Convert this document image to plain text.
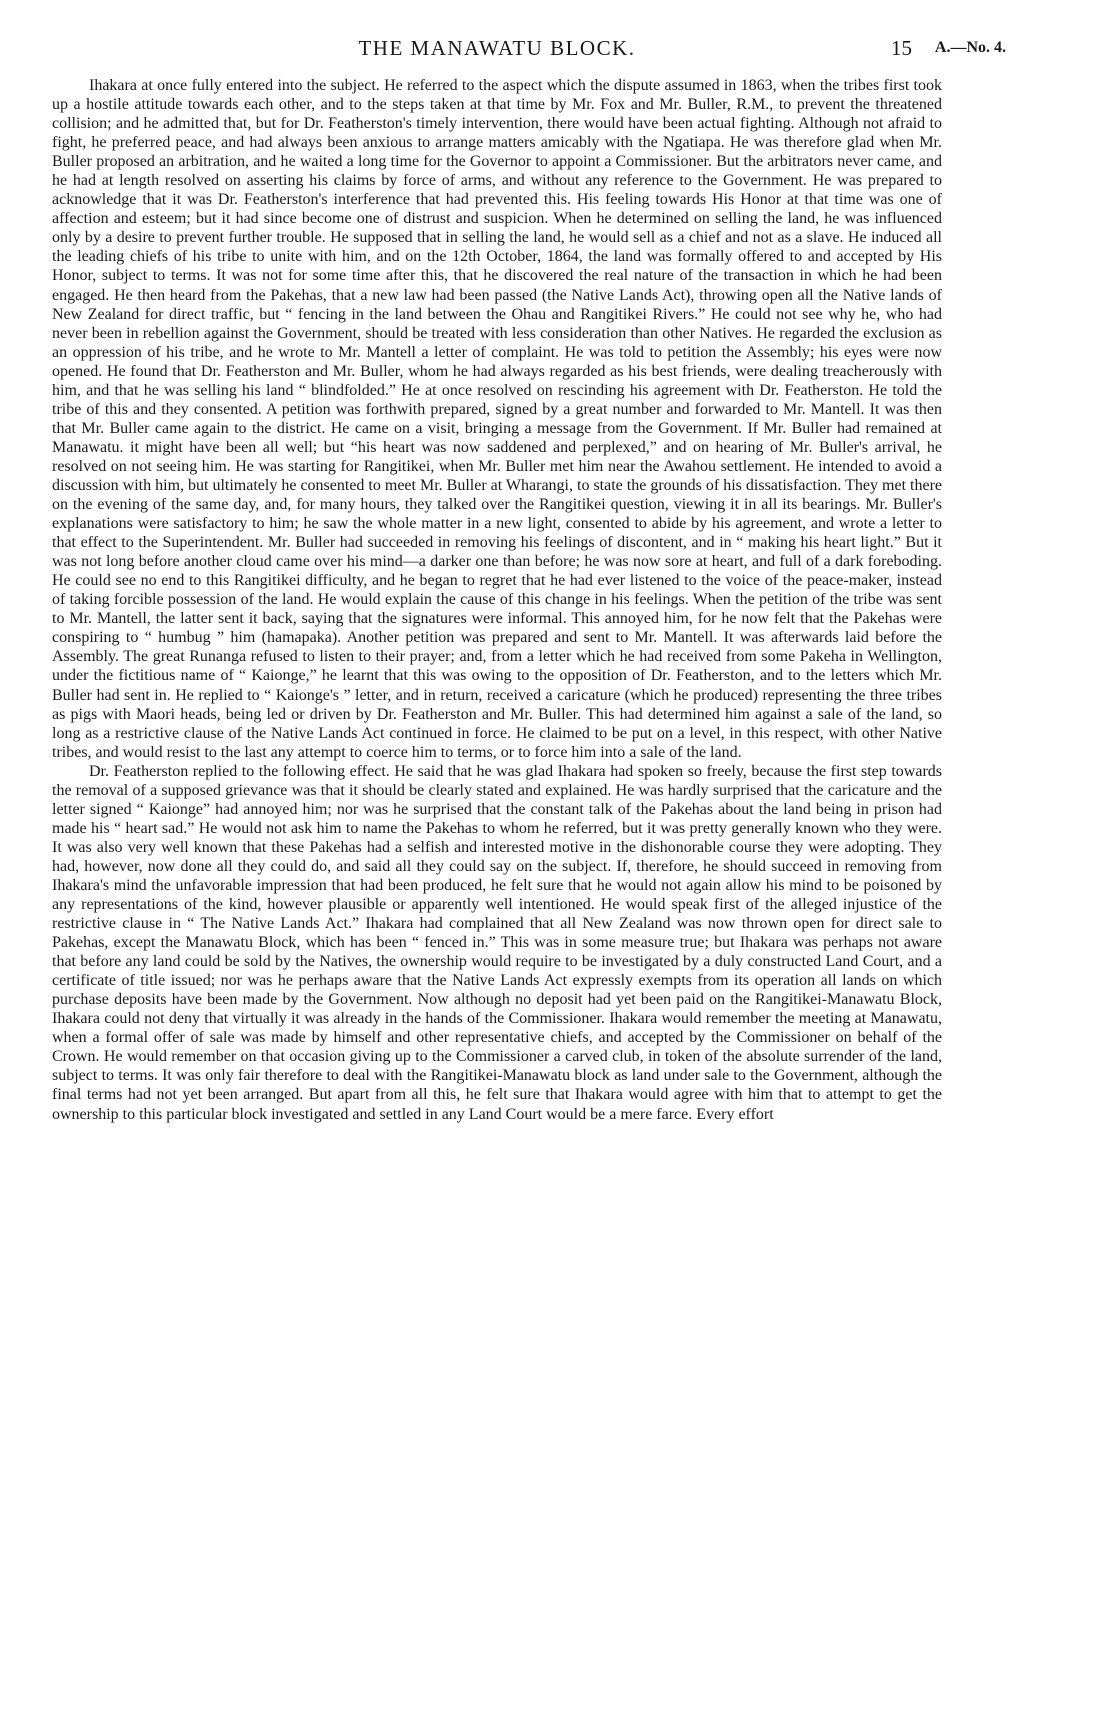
THE MANAWATU BLOCK.	15 A.—No. 4.

Ihakara at once fully entered into the subject. He referred to the aspect which the dispute assumed in 1863, when the tribes first took up a hostile attitude towards each other, and to the steps taken at that time by Mr. Fox and Mr. Buller, R.M., to prevent the threatened collision; and he admitted that, but for Dr. Featherston's timely intervention, there would have been actual fighting. Although not afraid to fight, he preferred peace, and had always been anxious to arrange matters amicably with the Ngatiapa. He was therefore glad when Mr. Buller proposed an arbitration, and he waited a long time for the Governor to appoint a Commissioner. But the arbitrators never came, and he had at length resolved on asserting his claims by force of arms, and without any reference to the Government. He was prepared to acknowledge that it was Dr. Featherston's interference that had prevented this. His feeling towards His Honor at that time was one of affection and esteem; but it had since become one of distrust and suspicion. When he determined on selling the land, he was influenced only by a desire to prevent further trouble. He supposed that in selling the land, he would sell as a chief and not as a slave. He induced all the leading chiefs of his tribe to unite with him, and on the 12th October, 1864, the land was formally offered to and accepted by His Honor, subject to terms. It was not for some time after this, that he discovered the real nature of the transaction in which he had been engaged. He then heard from the Pakehas, that a new law had been passed (the Native Lands Act), throwing open all the Native lands of New Zealand for direct traffic, but “ fencing in the land between the Ohau and Rangitikei Rivers.” He could not see why he, who had never been in rebellion against the Government, should be treated with less consideration than other Natives. He regarded the exclusion as an oppression of his tribe, and he wrote to Mr. Mantell a letter of complaint. He was told to petition the Assembly; his eyes were now opened. He found that Dr. Featherston and Mr. Buller, whom he had always regarded as his best friends, were dealing treacherously with him, and that he was selling his land “ blindfolded.” He at once resolved on rescinding his agreement with Dr. Featherston. He told the tribe of this and they consented. A petition was forthwith prepared, signed by a great number and forwarded to Mr. Mantell. It was then that Mr. Buller came again to the district. He came on a visit, bringing a message from the Government. If Mr. Buller had remained at Manawatu. it might have been all well; but “his heart was now saddened and perplexed,” and on hearing of Mr. Buller's arrival, he resolved on not seeing him. He was starting for Rangitikei, when Mr. Buller met him near the Awahou settlement. He intended to avoid a discussion with him, but ultimately he consented to meet Mr. Buller at Wharangi, to state the grounds of his dissatisfaction. They met there on the evening of the same day, and, for many hours, they talked over the Rangitikei question, viewing it in all its bearings. Mr. Buller's explanations were satisfactory to him; he saw the whole matter in a new light, consented to abide by his agreement, and wrote a letter to that effect to the Superintendent. Mr. Buller had succeeded in removing his feelings of discontent, and in “ making his heart light.” But it was not long before another cloud came over his mind—a darker one than before; he was now sore at heart, and full of a dark foreboding. He could see no end to this Rangitikei difficulty, and he began to regret that he had ever listened to the voice of the peace-maker, instead of taking forcible possession of the land. He would explain the cause of this change in his feelings. When the petition of the tribe was sent to Mr. Mantell, the latter sent it back, saying that the signatures were informal. This annoyed him, for he now felt that the Pakehas were conspiring to “ humbug ” him (hamapaka). Another petition was prepared and sent to Mr. Mantell. It was afterwards laid before the Assembly. The great Runanga refused to listen to their prayer; and, from a letter which he had received from some Pakeha in Wellington, under the fictitious name of “ Kaionge,” he learnt that this was owing to the opposition of Dr. Featherston, and to the letters which Mr. Buller had sent in. He replied to “ Kaionge's ” letter, and in return, received a caricature (which he produced) representing the three tribes as pigs with Maori heads, being led or driven by Dr. Featherston and Mr. Buller. This had determined him against a sale of the land, so long as a restrictive clause of the Native Lands Act continued in force. He claimed to be put on a level, in this respect, with other Native tribes, and would resist to the last any attempt to coerce him to terms, or to force him into a sale of the land.

Dr. Featherston replied to the following effect. He said that he was glad Ihakara had spoken so freely, because the first step towards the removal of a supposed grievance was that it should be clearly stated and explained. He was hardly surprised that the caricature and the letter signed “ Kaionge” had annoyed him; nor was he surprised that the constant talk of the Pakehas about the land being in prison had made his “ heart sad.” He would not ask him to name the Pakehas to whom he referred, but it was pretty generally known who they were. It was also very well known that these Pakehas had a selfish and interested motive in the dishonorable course they were adopting. They had, however, now done all they could do, and said all they could say on the subject. If, therefore, he should succeed in removing from Ihakara's mind the unfavorable impression that had been produced, he felt sure that he would not again allow his mind to be poisoned by any representations of the kind, however plausible or apparently well intentioned. He would speak first of the alleged injustice of the restrictive clause in “ The Native Lands Act.” Ihakara had complained that all New Zealand was now thrown open for direct sale to Pakehas, except the Manawatu Block, which has been “ fenced in.” This was in some measure true; but Ihakara was perhaps not aware that before any land could be sold by the Natives, the ownership would require to be investigated by a duly constructed Land Court, and a certificate of title issued; nor was he perhaps aware that the Native Lands Act expressly exempts from its operation all lands on which purchase deposits have been made by the Government. Now although no deposit had yet been paid on the Rangitikei-Manawatu Block, Ihakara could not deny that virtually it was already in the hands of the Commissioner. Ihakara would remember the meeting at Manawatu, when a formal offer of sale was made by himself and other representative chiefs, and accepted by the Commissioner on behalf of the Crown. He would remember on that occasion giving up to the Commissioner a carved club, in token of the absolute surrender of the land, subject to terms. It was only fair therefore to deal with the Rangitikei-Manawatu block as land under sale to the Government, although the final terms had not yet been arranged. But apart from all this, he felt sure that Ihakara would agree with him that to attempt to get the ownership to this particular block investigated and settled in any Land Court would be a mere farce. Every effort
